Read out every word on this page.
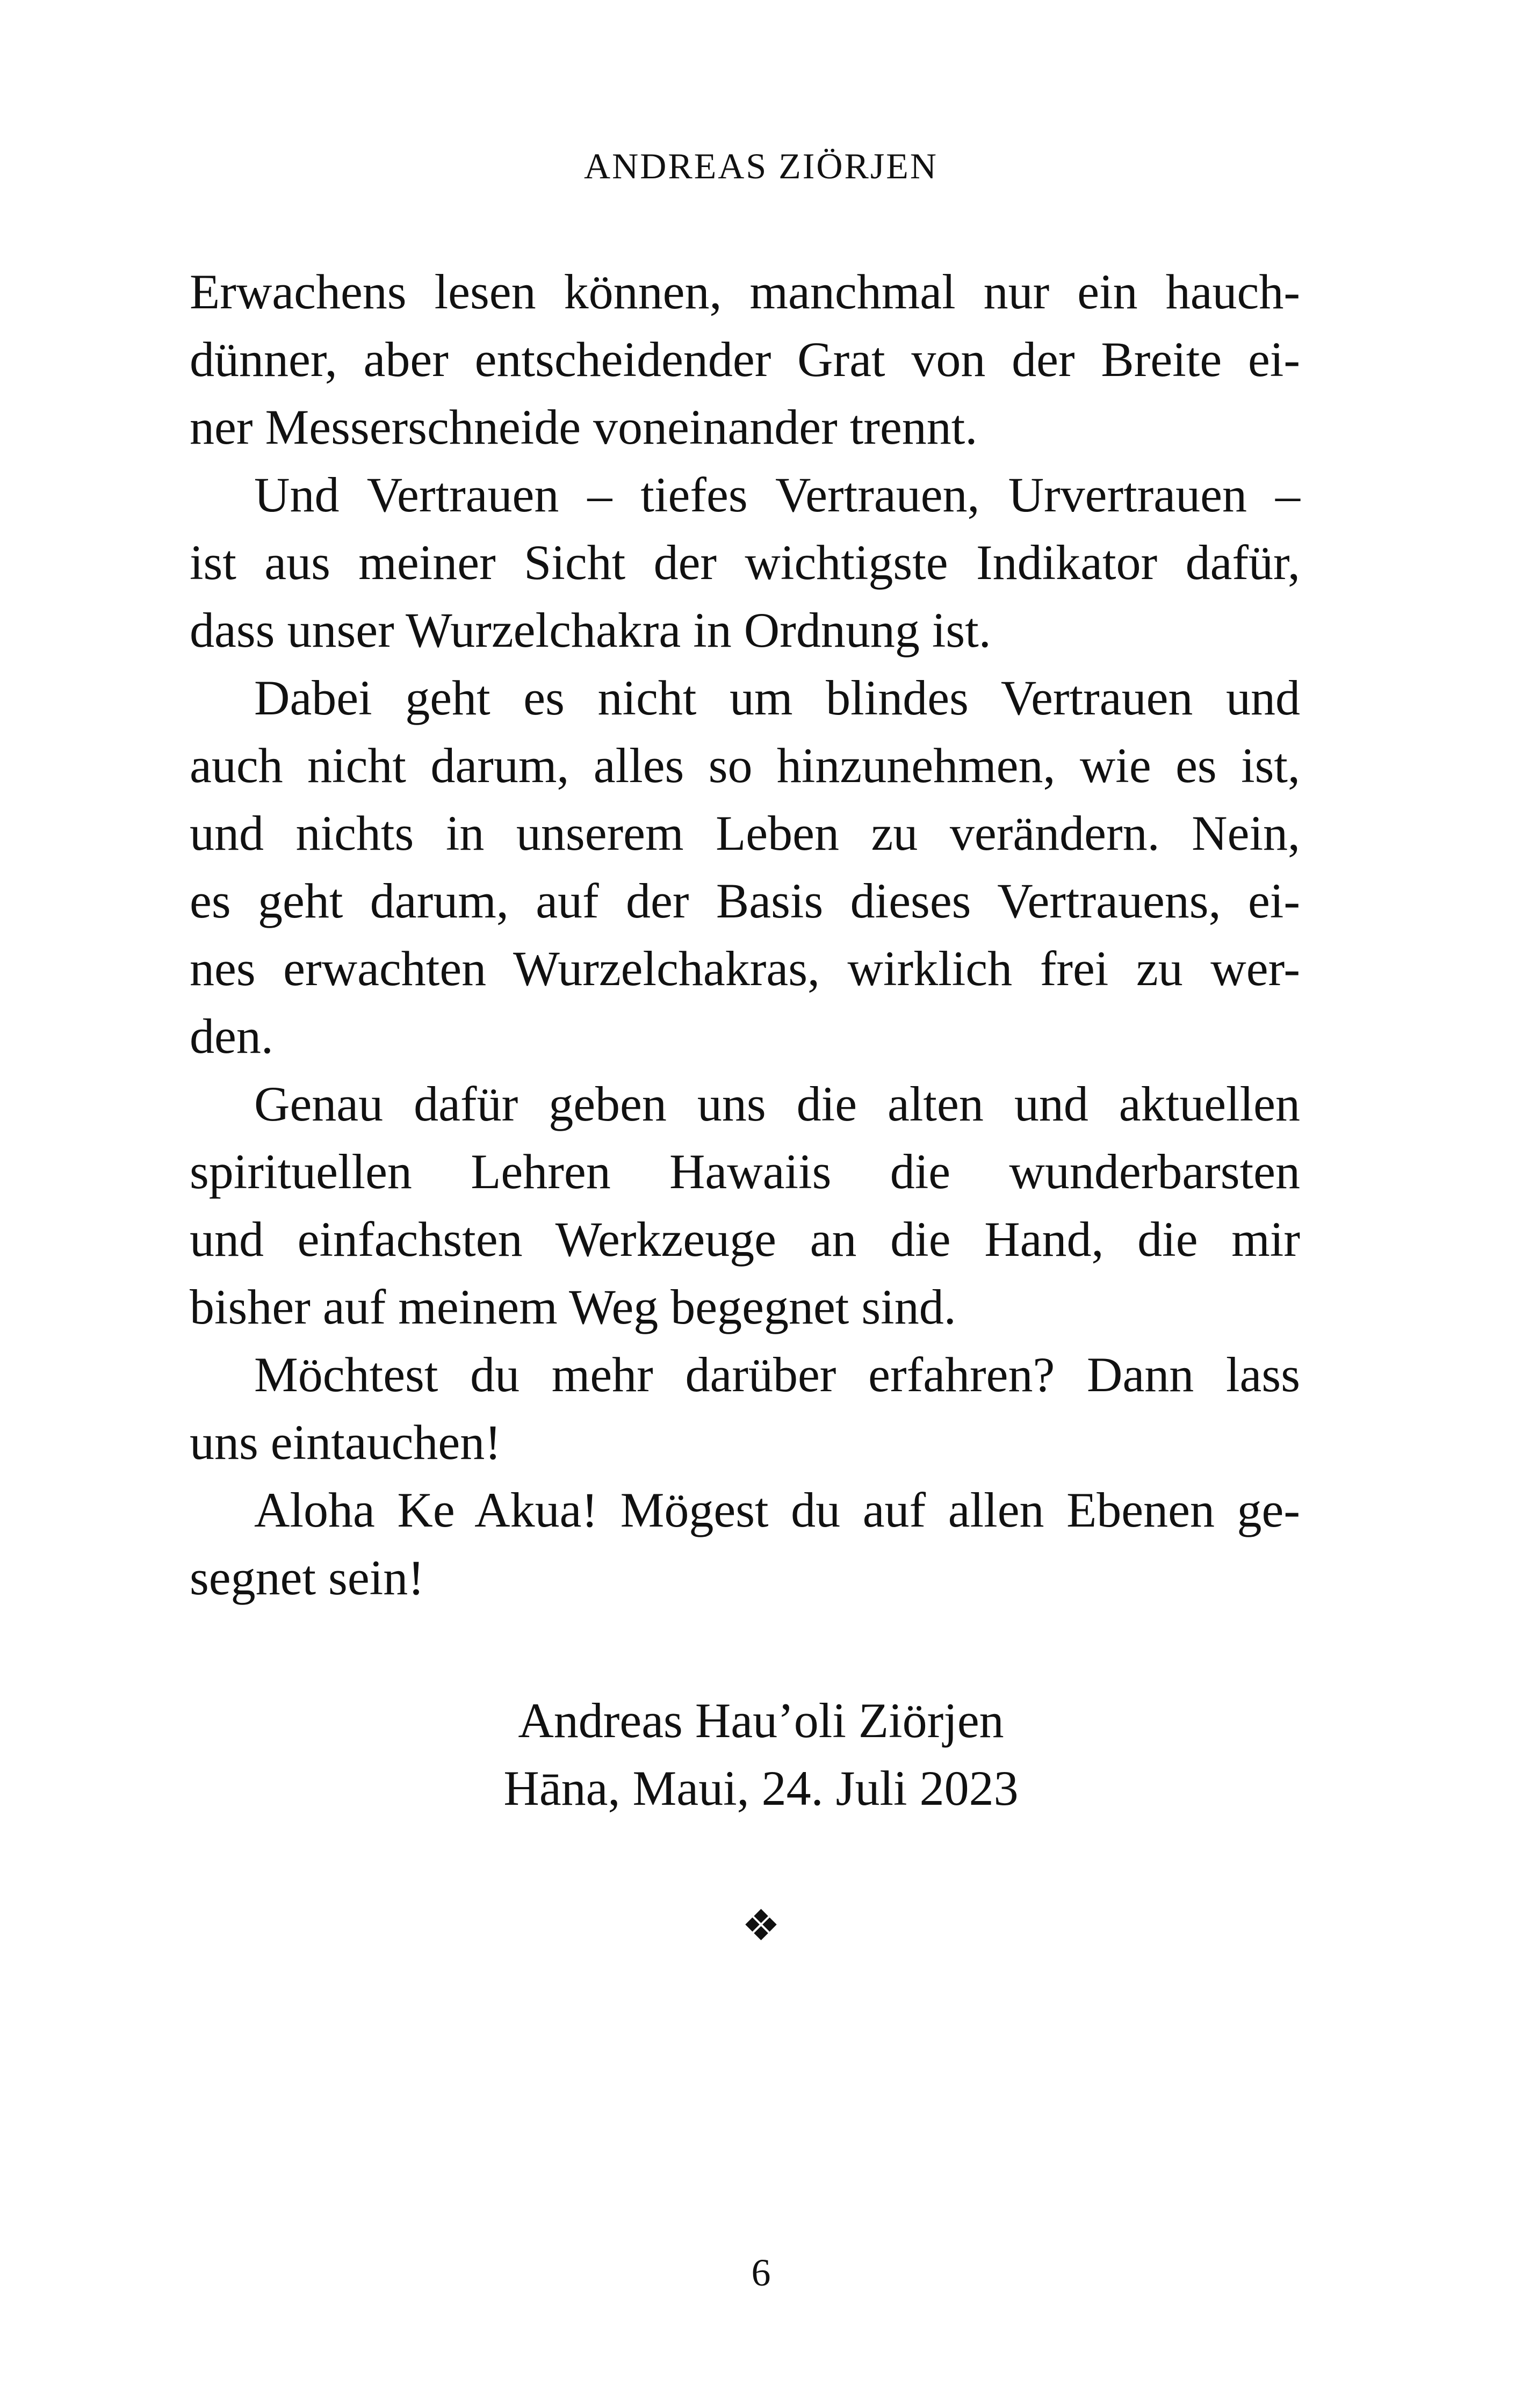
ANDREAS ZIÖRJEN

Erwachens lesen können, manchmal nur ein hauch-
dünner, aber entscheidender Grat von der Breite ei-
ner Messerschneide voneinander trennt.

Und Vertrauen – tiefes Vertrauen, Urvertrauen –
ist aus meiner Sicht der wichtigste Indikator dafür,
dass unser Wurzelchakra in Ordnung ist.

Dabei geht es nicht um blindes Vertrauen und
auch nicht darum, alles so hinzunehmen, wie es ist,
und nichts in unserem Leben zu verändern. Nein,
es geht darum, auf der Basis dieses Vertrauens, ei-
nes erwachten Wurzelchakras, wirklich frei zu wer-
den.

Genau dafür geben uns die alten und aktuellen
spirituellen Lehren Hawaiis die wunderbarsten
und einfachsten Werkzeuge an die Hand, die mir
bisher auf meinem Weg begegnet sind.

Möchtest du mehr darüber erfahren? Dann lass
uns eintauchen!

Aloha Ke Akua! Mögest du auf allen Ebenen ge-
segnet sein!

Andreas Hau’oli Ziörjen
Hāna, Maui, 24. Juli 2023
❖
6
